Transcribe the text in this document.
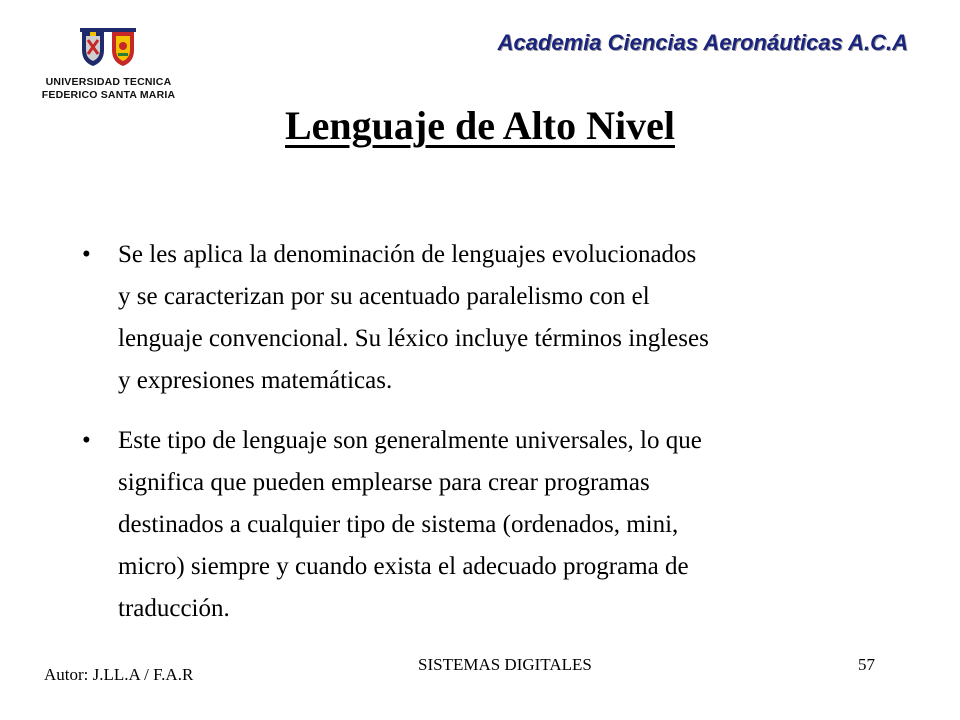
UNIVERSIDAD TECNICA
FEDERICO SANTA MARIA
Academia Ciencias Aeronáuticas A.C.A
Lenguaje de Alto Nivel
• Se les aplica la denominación de lenguajes evolucionados
y se caracterizan por su acentuado paralelismo con el
lenguaje convencional. Su léxico incluye términos ingleses
y expresiones matemáticas.
• Este tipo de lenguaje son generalmente universales, lo que
significa que pueden emplearse para crear programas
destinados a cualquier tipo de sistema (ordenados, mini,
micro) siempre y cuando exista el adecuado programa de
traducción.
Autor: J.LL.A / F.A.R
SISTEMAS DIGITALES	57
